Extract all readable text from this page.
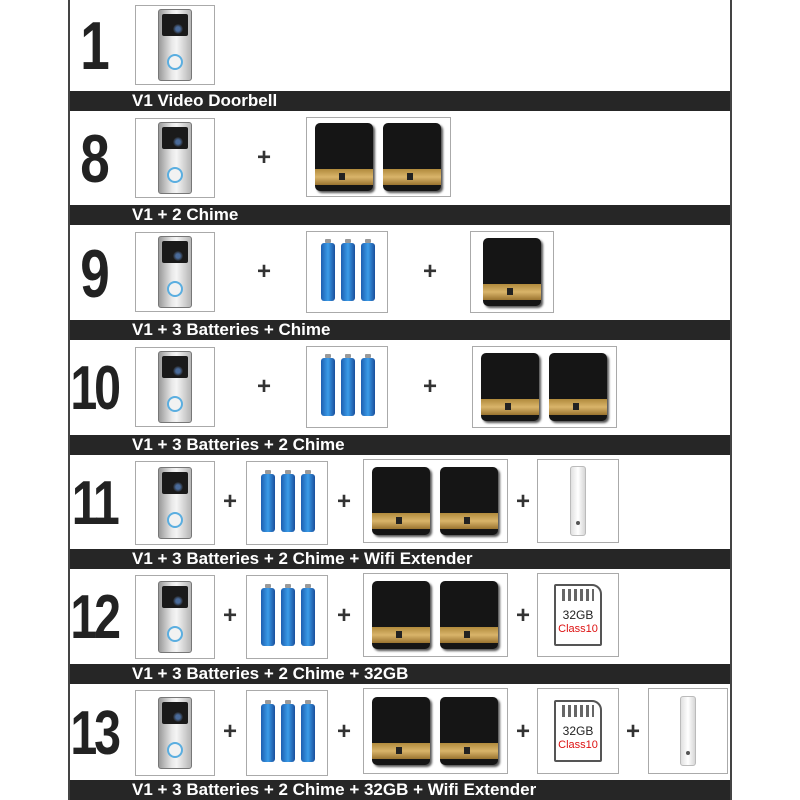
1
V1 Video Doorbell
8	+
V1 + 2 Chime
9	+	+
V1 + 3 Batteries + Chime
10	+	+
V1 + 3 Batteries + 2 Chime
11	+	+	+
V1 + 3 Batteries + 2 Chime + Wifi Extender
12	+	+	+	32GB
Class10
V1 + 3 Batteries + 2 Chime + 32GB
13	+	+	+	32GB
Class10 +
V1 + 3 Batteries + 2 Chime + 32GB + Wifi Extender
